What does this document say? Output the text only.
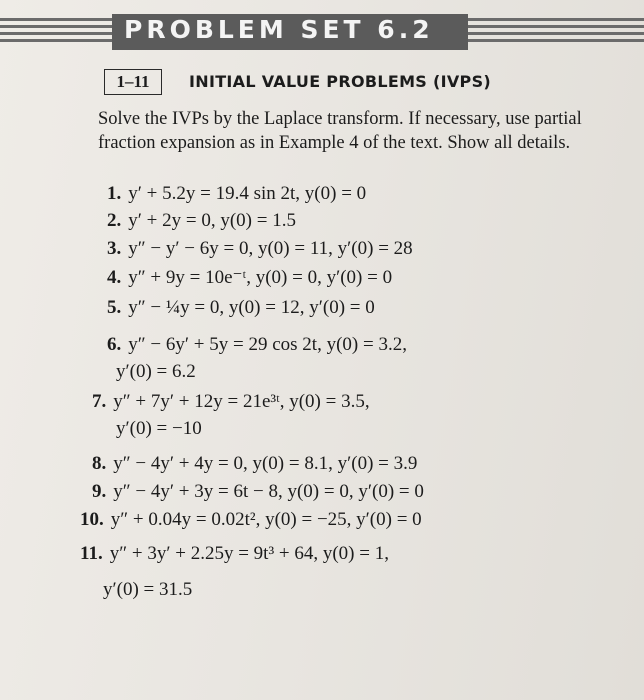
PROBLEM SET 6.2
1–11	INITIAL VALUE PROBLEMS (IVPS)
Solve the IVPs by the Laplace transform. If necessary, use partial fraction expansion as in Example 4 of the text. Show all details.
1. y′ + 5.2y = 19.4 sin 2t, y(0) = 0
2. y′ + 2y = 0, y(0) = 1.5
3. y″ − y′ − 6y = 0, y(0) = 11, y′(0) = 28
4. y″ + 9y = 10e⁻ᵗ, y(0) = 0, y′(0) = 0
5. y″ − ¼y = 0, y(0) = 12, y′(0) = 0
6. y″ − 6y′ + 5y = 29 cos 2t, y(0) = 3.2,
y′(0) = 6.2
7. y″ + 7y′ + 12y = 21e³ᵗ, y(0) = 3.5,
y′(0) = −10
8. y″ − 4y′ + 4y = 0, y(0) = 8.1, y′(0) = 3.9
9. y″ − 4y′ + 3y = 6t − 8, y(0) = 0, y′(0) = 0
10. y″ + 0.04y = 0.02t², y(0) = −25, y′(0) = 0
11. y″ + 3y′ + 2.25y = 9t³ + 64, y(0) = 1,
y′(0) = 31.5
